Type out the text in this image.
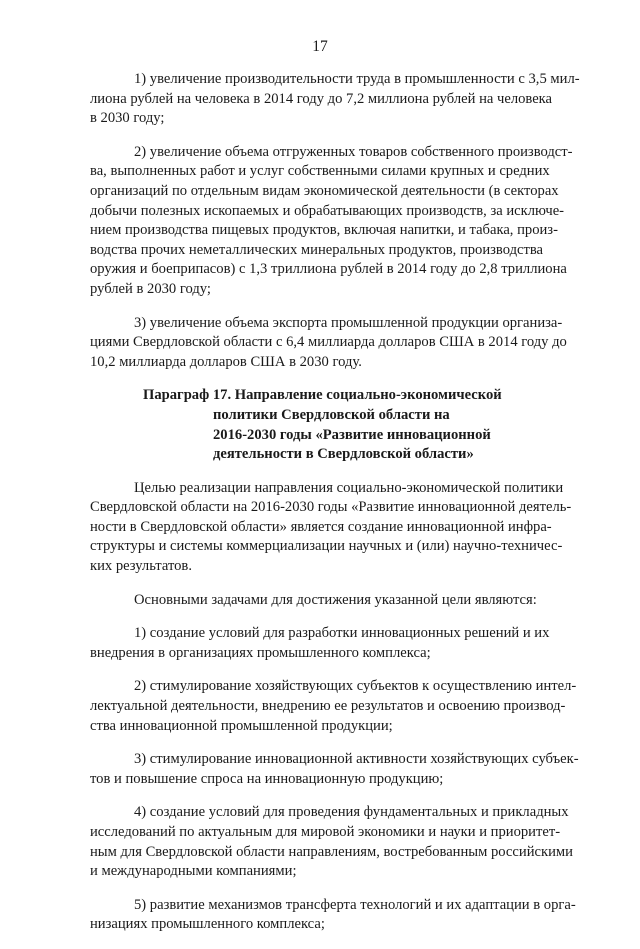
17

1) увеличение производительности труда в промышленности с 3,5 мил-
лиона рублей на человека в 2014 году до 7,2 миллиона рублей на человека
в 2030 году;

2) увеличение объема отгруженных товаров собственного производст-
ва, выполненных работ и услуг собственными силами крупных и средних
организаций по отдельным видам экономической деятельности (в секторах
добычи полезных ископаемых и обрабатывающих производств, за исключе-
нием производства пищевых продуктов, включая напитки, и табака, произ-
водства прочих неметаллических минеральных продуктов, производства
оружия и боеприпасов) с 1,3 триллиона рублей в 2014 году до 2,8 триллиона
рублей в 2030 году;

3) увеличение объема экспорта промышленной продукции организа-
циями Свердловской области с 6,4 миллиарда долларов США в 2014 году до
10,2 миллиарда долларов США в 2030 году.

Параграф 17. Направление социально-экономической
политики Свердловской области на
2016-2030 годы «Развитие инновационной
деятельности в Свердловской области»

Целью реализации направления социально-экономической политики
Свердловской области на 2016-2030 годы «Развитие инновационной деятель-
ности в Свердловской области» является создание инновационной инфра-
структуры и системы коммерциализации научных и (или) научно-техничес-
ких результатов.

Основными задачами для достижения указанной цели являются:

1) создание условий для разработки инновационных решений и их
внедрения в организациях промышленного комплекса;

2) стимулирование хозяйствующих субъектов к осуществлению интел-
лектуальной деятельности, внедрению ее результатов и освоению производ-
ства инновационной промышленной продукции;

3) стимулирование инновационной активности хозяйствующих субъек-
тов и повышение спроса на инновационную продукцию;

4) создание условий для проведения фундаментальных и прикладных
исследований по актуальным для мировой экономики и науки и приоритет-
ным для Свердловской области направлениям, востребованным российскими
и международными компаниями;

5) развитие механизмов трансферта технологий и их адаптации в орга-
низациях промышленного комплекса;
